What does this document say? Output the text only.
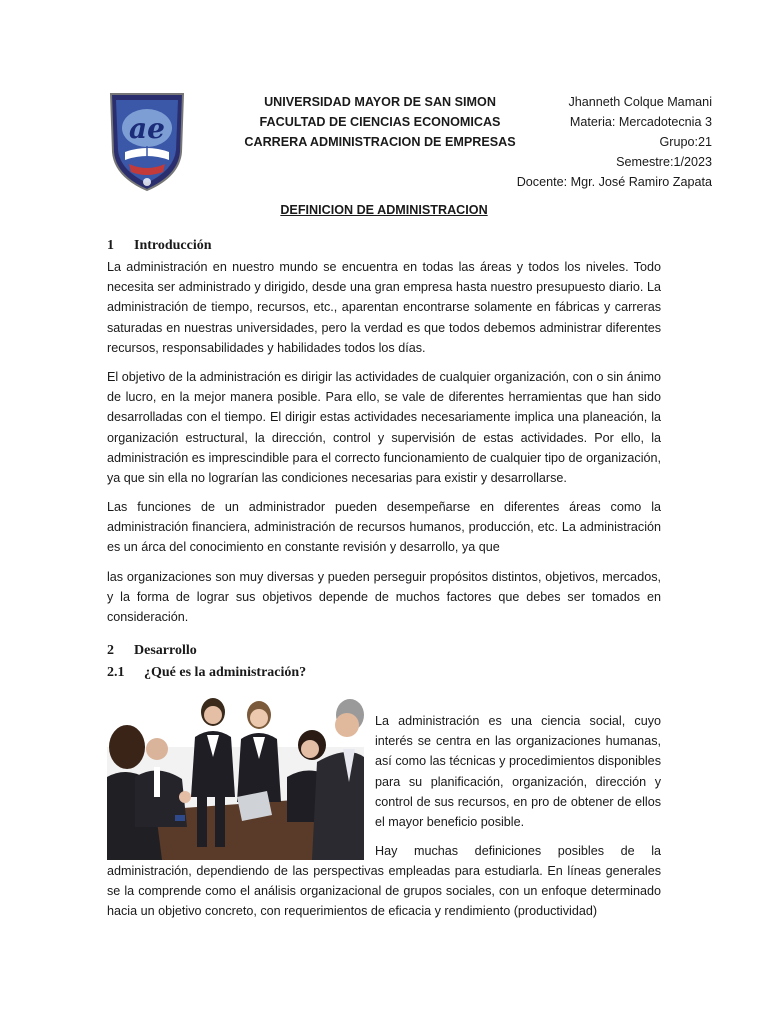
ae
UNIVERSIDAD MAYOR DE SAN SIMON
FACULTAD DE CIENCIAS ECONOMICAS
CARRERA ADMINISTRACION DE EMPRESAS
Jhanneth Colque Mamani
Materia: Mercadotecnia 3
Grupo:21
Semestre:1/2023
Docente: Mgr. José Ramiro Zapata
DEFINICION DE ADMINISTRACION
1 Introducción
La administración en nuestro mundo se encuentra en todas las áreas y todos los niveles. Todo necesita ser administrado y dirigido, desde una gran empresa hasta nuestro presupuesto diario. La administración de tiempo, recursos, etc., aparentan encontrarse solamente en fábricas y carreras saturadas en nuestras universidades, pero la verdad es que todos debemos administrar diferentes recursos, responsabilidades y habilidades todos los días.
El objetivo de la administración es dirigir las actividades de cualquier organización, con o sin ánimo de lucro, en la mejor manera posible. Para ello, se vale de diferentes herramientas que han sido desarrolladas con el tiempo. El dirigir estas actividades necesariamente implica una planeación, la organización estructural, la dirección, control y supervisión de estas actividades. Por ello, la administración es imprescindible para el correcto funcionamiento de cualquier tipo de organización, ya que sin ella no lograrían las condiciones necesarias para existir y desarrollarse.
Las funciones de un administrador pueden desempeñarse en diferentes áreas como la administración financiera, administración de recursos humanos, producción, etc. La administración es un árca del conocimiento en constante revisión y desarrollo, ya que
las organizaciones son muy diversas y pueden perseguir propósitos distintos, objetivos, mercados, y la forma de lograr sus objetivos depende de muchos factores que debes ser tomados en consideración.
2 Desarrollo
2.1 ¿Qué es la administración?
La administración es una ciencia social, cuyo interés se centra en las organizaciones humanas, así como las técnicas y procedimientos disponibles para su planificación, organización, dirección y control de sus recursos, en pro de obtener de ellos el mayor beneficio posible.
Hay muchas definiciones posibles de la
administración, dependiendo de las perspectivas empleadas para estudiarla. En líneas generales se la comprende como el análisis organizacional de grupos sociales, con un enfoque determinado hacia un objetivo concreto, con requerimientos de eficacia y rendimiento (productividad)
